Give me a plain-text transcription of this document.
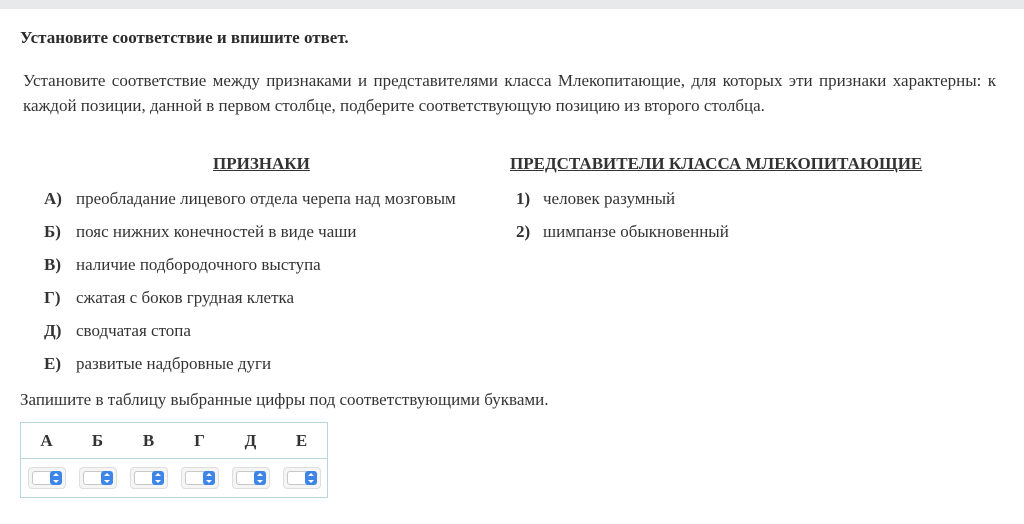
Установите соответствие и впишите ответ.
Установите соответствие между признаками и представителями класса Млекопитающие, для которых эти признаки характерны: к каждой позиции, данной в первом столбце, подберите соответствующую позицию из второго столбца.
ПРИЗНАКИ	ПРЕДСТАВИТЕЛИ КЛАССА МЛЕКОПИТАЮЩИЕ
А) преобладание лицевого отдела черепа над мозговым
Б) пояс нижних конечностей в виде чаши
В) наличие подбородочного выступа
Г) сжатая с боков грудная клетка
Д) сводчатая стопа
Е) развитые надбровные дуги
1) человек разумный
2) шимпанзе обыкновенный
Запишите в таблицу выбранные цифры под соответствующими буквами.
А	Б	В	Г	Д	Е
